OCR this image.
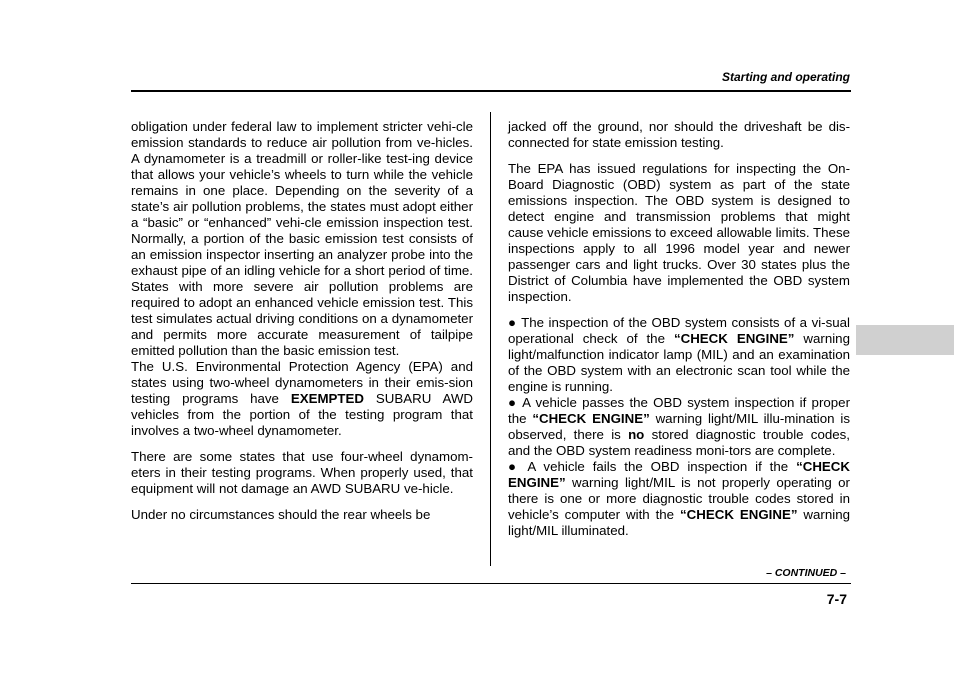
Starting and operating

obligation under federal law to implement stricter vehi-cle emission standards to reduce air pollution from ve-hicles. A dynamometer is a treadmill or roller-like test-ing device that allows your vehicle’s wheels to turn while the vehicle remains in one place. Depending on the severity of a state’s air pollution problems, the states must adopt either a “basic” or “enhanced” vehi-cle emission inspection test. Normally, a portion of the basic emission test consists of an emission inspector inserting an analyzer probe into the exhaust pipe of an idling vehicle for a short period of time. States with more severe air pollution problems are required to adopt an enhanced vehicle emission test. This test simulates actual driving conditions on a dynamometer and permits more accurate measurement of tailpipe emitted pollution than the basic emission test.

The U.S. Environmental Protection Agency (EPA) and states using two-wheel dynamometers in their emis-sion testing programs have EXEMPTED SUBARU AWD vehicles from the portion of the testing program that involves a two-wheel dynamometer.

There are some states that use four-wheel dynamom-eters in their testing programs. When properly used, that equipment will not damage an AWD SUBARU ve-hicle.

Under no circumstances should the rear wheels be

jacked off the ground, nor should the driveshaft be dis-connected for state emission testing.

The EPA has issued regulations for inspecting the On-Board Diagnostic (OBD) system as part of the state emissions inspection. The OBD system is designed to detect engine and transmission problems that might cause vehicle emissions to exceed allowable limits. These inspections apply to all 1996 model year and newer passenger cars and light trucks. Over 30 states plus the District of Columbia have implemented the OBD system inspection.

● The inspection of the OBD system consists of a vi-sual operational check of the “CHECK ENGINE” warning light/malfunction indicator lamp (MIL) and an examination of the OBD system with an electronic scan tool while the engine is running.

● A vehicle passes the OBD system inspection if proper the “CHECK ENGINE” warning light/MIL illu-mination is observed, there is no stored diagnostic trouble codes, and the OBD system readiness moni-tors are complete.

● A vehicle fails the OBD inspection if the “CHECK ENGINE” warning light/MIL is not properly operating or there is one or more diagnostic trouble codes stored in vehicle’s computer with the “CHECK ENGINE” warning light/MIL illuminated.

– CONTINUED –
7-7
